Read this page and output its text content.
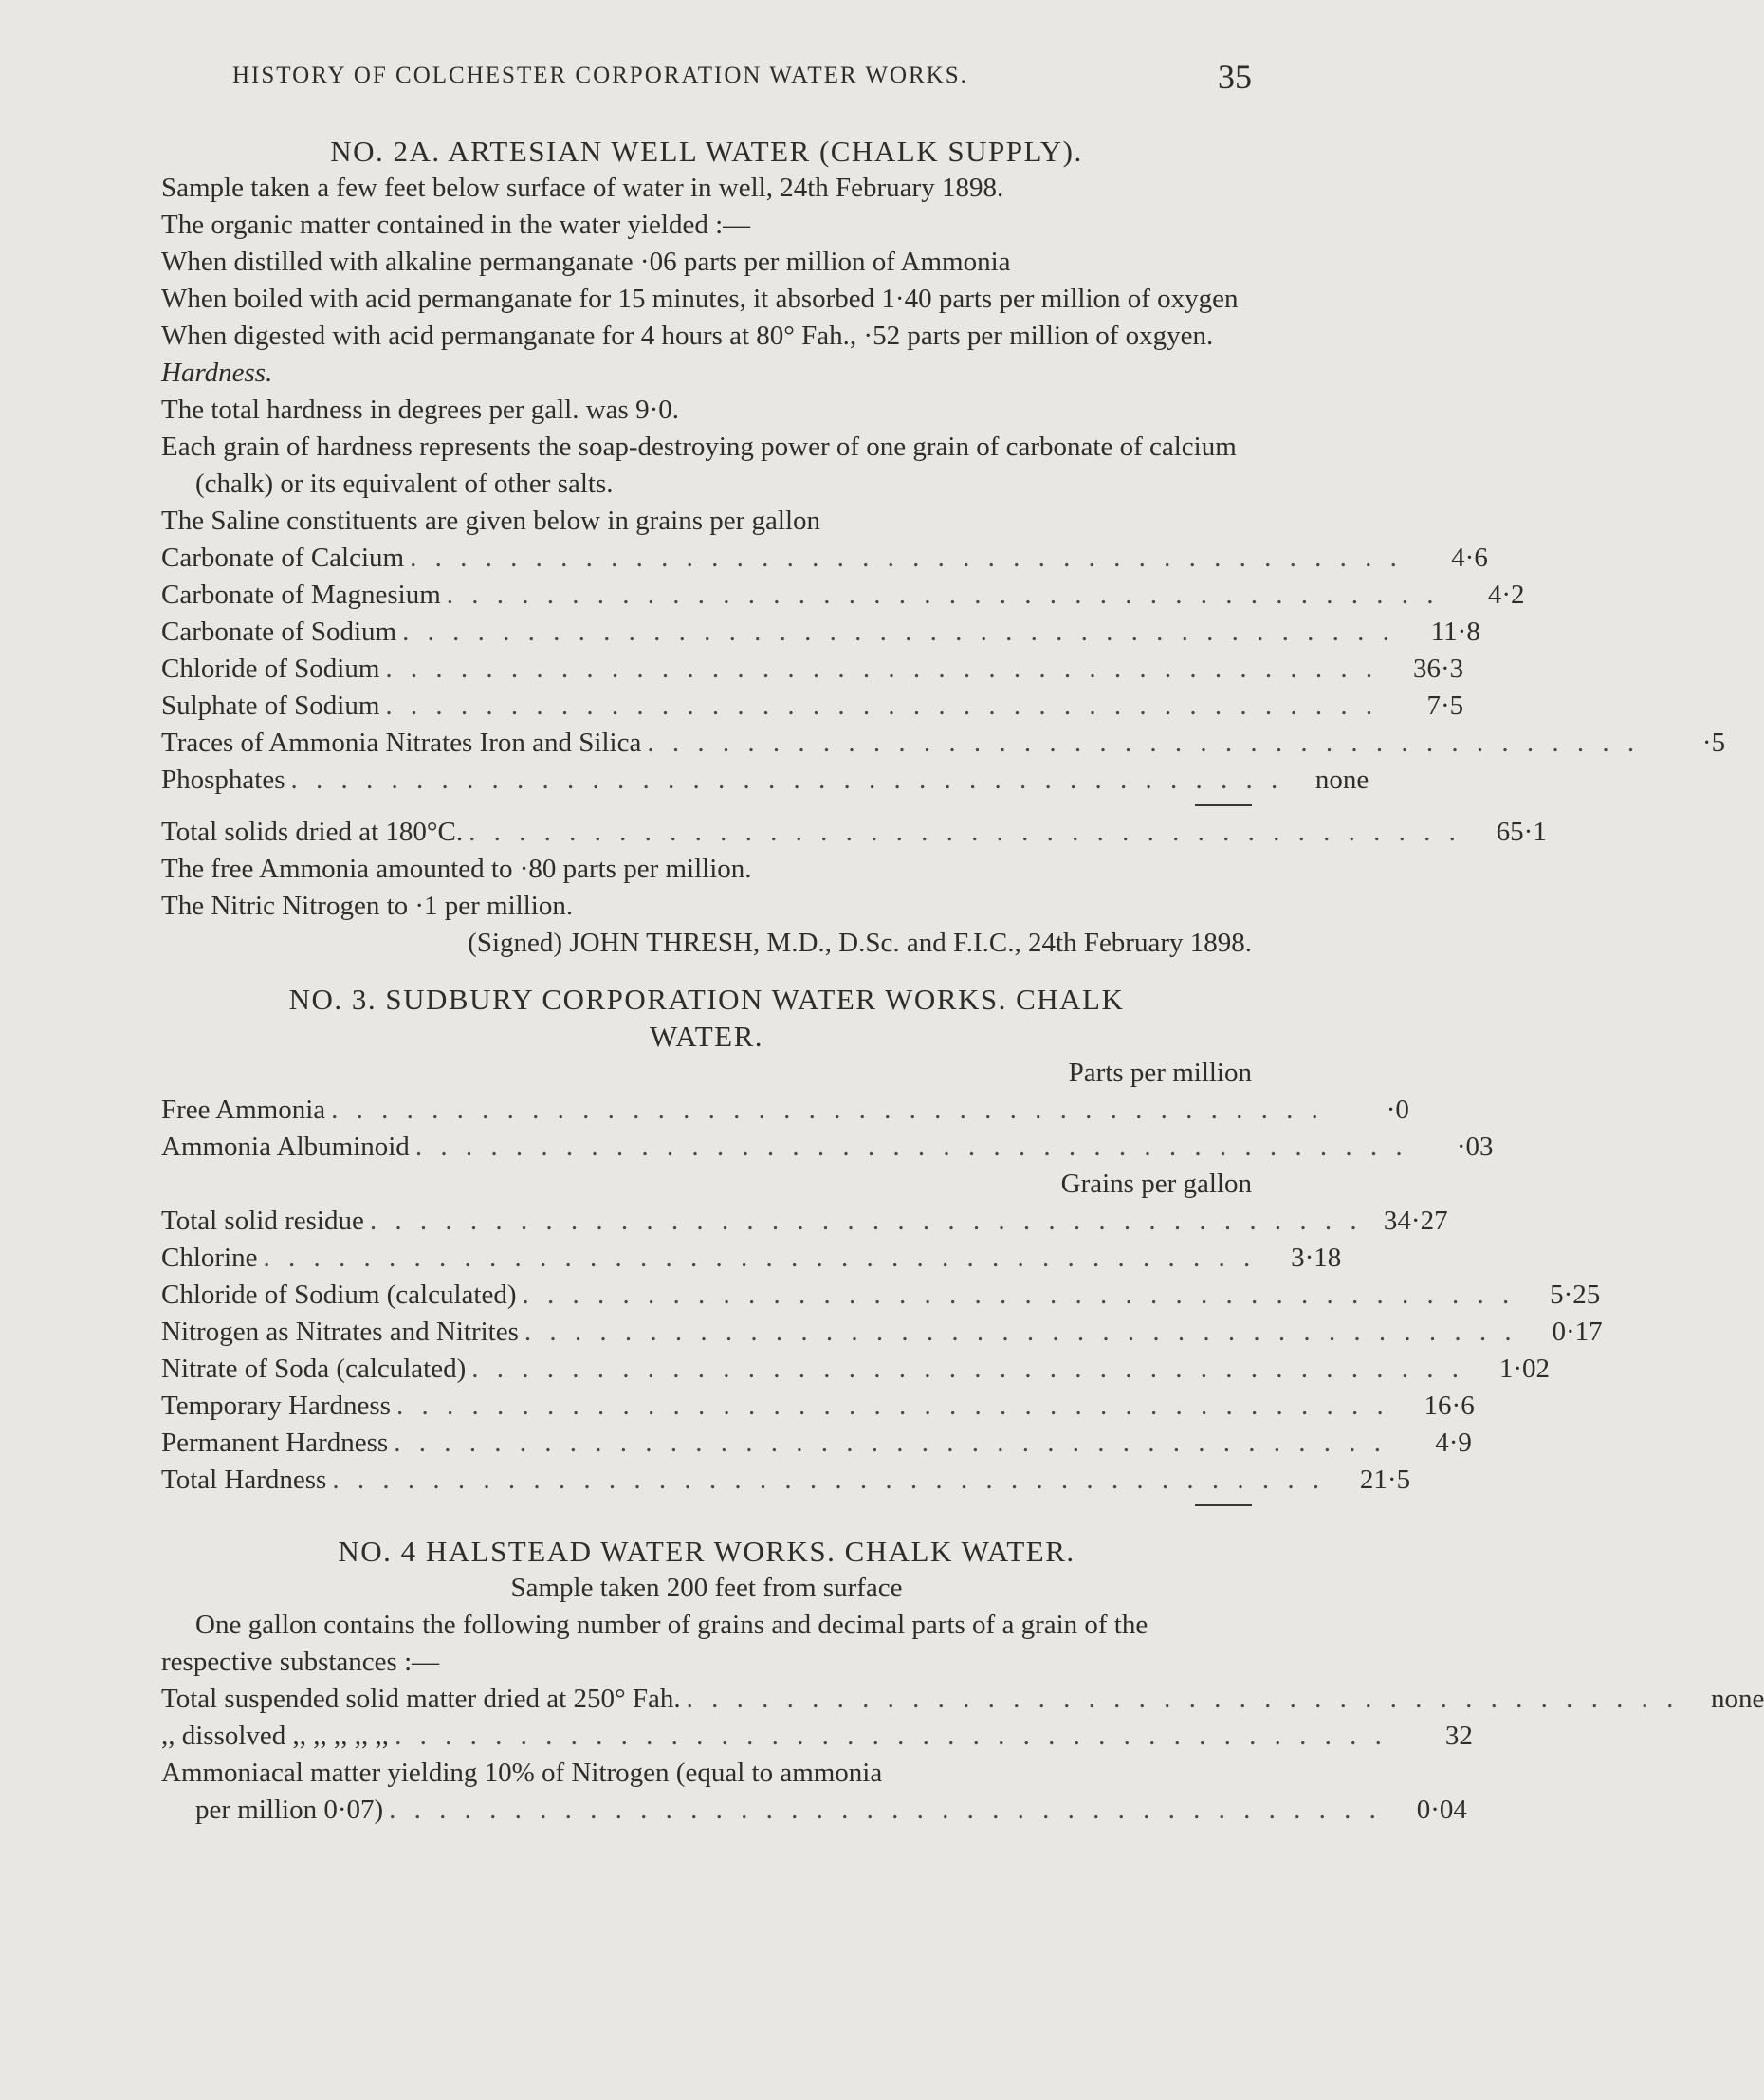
HISTORY OF COLCHESTER CORPORATION WATER WORKS.	35
NO. 2A. ARTESIAN WELL WATER (CHALK SUPPLY).

Sample taken a few feet below surface of water in well, 24th February 1898.

The organic matter contained in the water yielded :—

When distilled with alkaline permanganate ·06 parts per million of Ammonia

When boiled with acid permanganate for 15 minutes, it absorbed 1·40 parts per million of oxygen

When digested with acid permanganate for 4 hours at 80° Fah., ·52 parts per million of oxgyen.

Hardness.

The total hardness in degrees per gall. was 9·0.

Each grain of hardness represents the soap-destroying power of one grain of carbonate of calcium (chalk) or its equivalent of other salts.

The Saline constituents are given below in grains per gallon

Carbonate of Calcium . . . . . . . . . . . . . . . . . . . . . . . . . . . . . . . . . . . . . . . .	4·6
Carbonate of Magnesium . . . . . . . . . . . . . . . . . . . . . . . . . . . . . . . . . . . . . . . .	4·2
Carbonate of Sodium . . . . . . . . . . . . . . . . . . . . . . . . . . . . . . . . . . . . . . . .	11·8
Chloride of Sodium . . . . . . . . . . . . . . . . . . . . . . . . . . . . . . . . . . . . . . . .	36·3
Sulphate of Sodium . . . . . . . . . . . . . . . . . . . . . . . . . . . . . . . . . . . . . . . .	7·5
Traces of Ammonia Nitrates Iron and Silica . . . . . . . . . . . . . . . . . . . . . . . . . . . . . . . . . . . . . . . .	·5
Phosphates . . . . . . . . . . . . . . . . . . . . . . . . . . . . . . . . . . . . . . . .	none
Total solids dried at 180°C. . . . . . . . . . . . . . . . . . . . . . . . . . . . . . . . . . . . . . . . .	65·1

The free Ammonia amounted to ·80 parts per million.

The Nitric Nitrogen to ·1 per million.

(Signed) JOHN THRESH, M.D., D.Sc. and F.I.C., 24th February 1898.

NO. 3. SUDBURY CORPORATION WATER WORKS. CHALK
WATER.
Parts per million
Free Ammonia . . . . . . . . . . . . . . . . . . . . . . . . . . . . . . . . . . . . . . . .	·0
Ammonia Albuminoid . . . . . . . . . . . . . . . . . . . . . . . . . . . . . . . . . . . . . . . .	·03
Grains per gallon
Total solid residue . . . . . . . . . . . . . . . . . . . . . . . . . . . . . . . . . . . . . . . . 34·27
Chlorine . . . . . . . . . . . . . . . . . . . . . . . . . . . . . . . . . . . . . . . .	3·18
Chloride of Sodium (calculated) . . . . . . . . . . . . . . . . . . . . . . . . . . . . . . . . . . . . . . . .	5·25
Nitrogen as Nitrates and Nitrites . . . . . . . . . . . . . . . . . . . . . . . . . . . . . . . . . . . . . . . .	0·17
Nitrate of Soda (calculated) . . . . . . . . . . . . . . . . . . . . . . . . . . . . . . . . . . . . . . . .	1·02
Temporary Hardness . . . . . . . . . . . . . . . . . . . . . . . . . . . . . . . . . . . . . . . .	16·6
Permanent Hardness . . . . . . . . . . . . . . . . . . . . . . . . . . . . . . . . . . . . . . . .	4·9
Total Hardness . . . . . . . . . . . . . . . . . . . . . . . . . . . . . . . . . . . . . . . .	21·5
NO. 4 HALSTEAD WATER WORKS. CHALK WATER.
Sample taken 200 feet from surface

One gallon contains the following number of grains and decimal parts of a grain of the respective substances :—

Total suspended solid matter dried at 250° Fah. . . . . . . . . . . . . . . . . . . . . . . . . . . . . . . . . . . . . . . . .	none
,, dissolved ,, ,, ,, ,, ,, . . . . . . . . . . . . . . . . . . . . . . . . . . . . . . . . . . . . . . . .	32

Ammoniacal matter yielding 10% of Nitrogen (equal to ammonia

per million 0·07) . . . . . . . . . . . . . . . . . . . . . . . . . . . . . . . . . . . . . . . .	0·04
